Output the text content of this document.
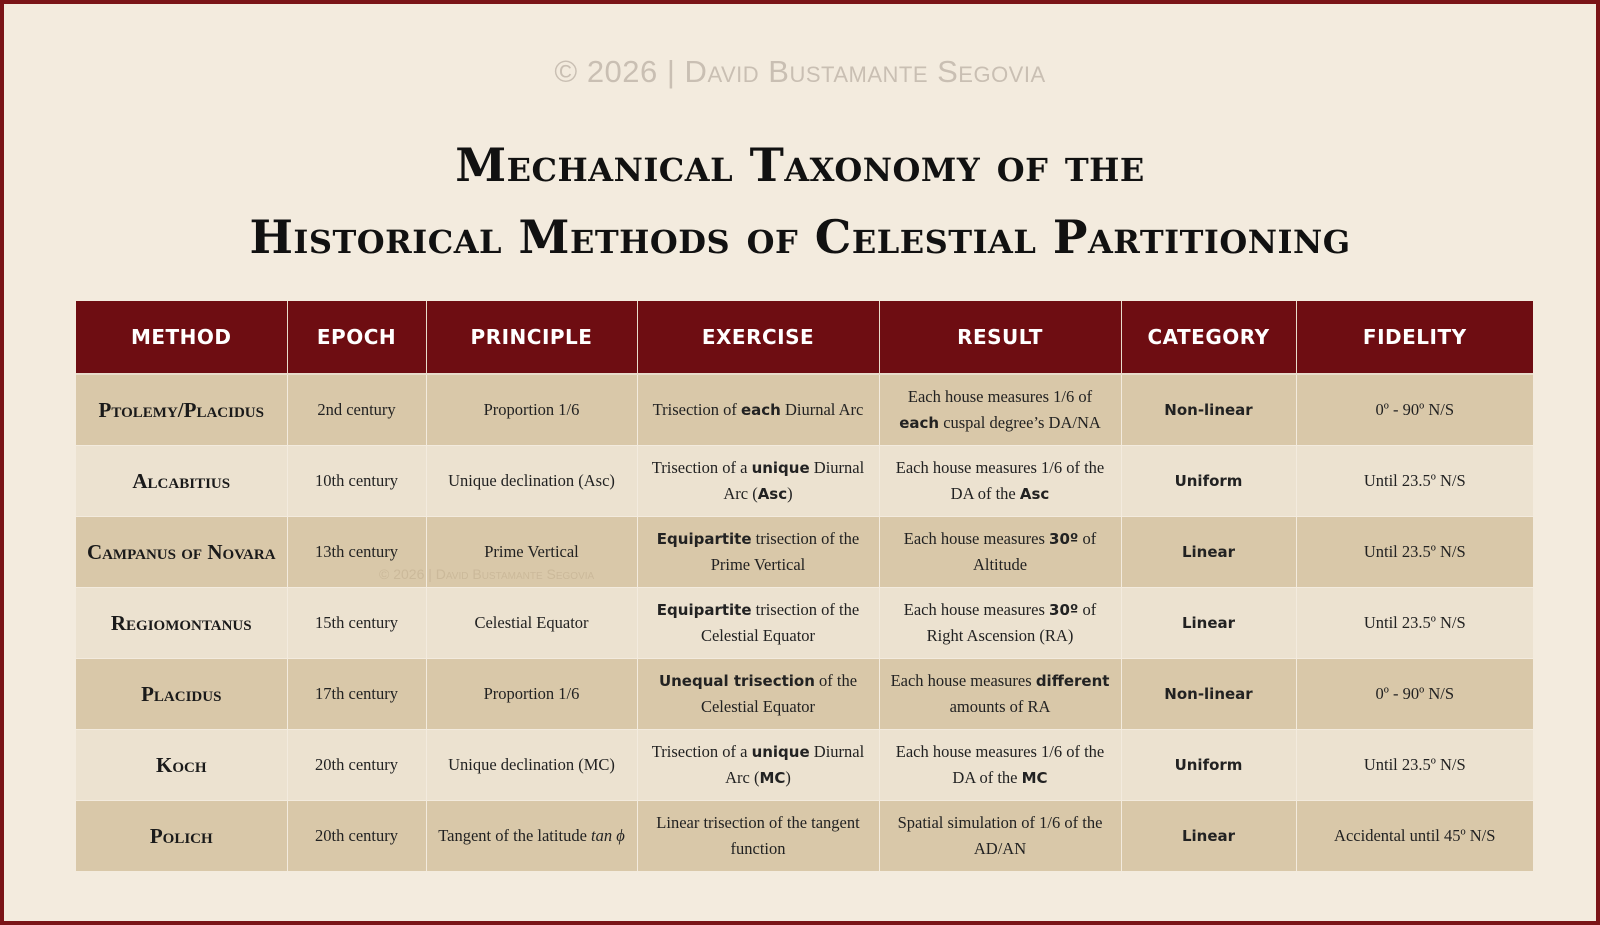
© 2026 | David Bustamante Segovia
Mechanical Taxonomy of the
Historical Methods of Celestial Partitioning
METHOD	EPOCH	PRINCIPLE	EXERCISE	RESULT	CATEGORY	FIDELITY
Ptolemy/Placidus	2nd century	Proportion 1/6	Trisection of each Diurnal Arc	Each house measures 1/6 of each cuspal degree’s DA/NA	Non-linear	0º - 90º N/S
Alcabitius	10th century	Unique declination (Asc)	Trisection of a unique Diurnal Arc (Asc)	Each house measures 1/6 of the DA of the Asc	Uniform	Until 23.5º N/S
Campanus of Novara	13th century	Prime Vertical	Equipartite trisection of the Prime Vertical	Each house measures 30º of Altitude	Linear	Until 23.5º N/S
Regiomontanus	15th century	Celestial Equator	Equipartite trisection of the Celestial Equator	Each house measures 30º of Right Ascension (RA)	Linear	Until 23.5º N/S
Placidus	17th century	Proportion 1/6	Unequal trisection of the Celestial Equator	Each house measures different amounts of RA	Non-linear	0º - 90º N/S
Koch	20th century	Unique declination (MC)	Trisection of a unique Diurnal Arc (MC)	Each house measures 1/6 of the DA of the MC	Uniform	Until 23.5º N/S
Polich	20th century	Tangent of the latitude tan ϕ	Linear trisection of the tangent function	Spatial simulation of 1/6 of the AD/AN	Linear	Accidental until 45º N/S
© 2026 | David Bustamante Segovia
